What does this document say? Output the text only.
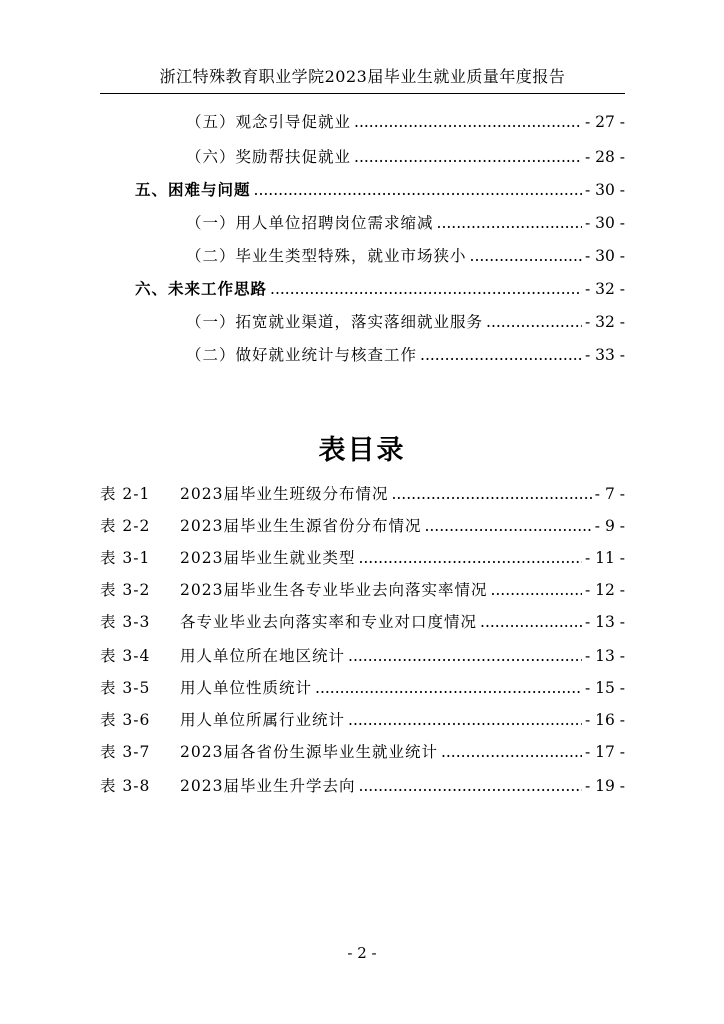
浙江特殊教育职业学院2023届毕业生就业质量年度报告
（五）观念引导促就业 .....	- 27 -
（六）奖励帮扶促就业 .....	- 28 -
五、困难与问题 .....	- 30 -
（一）用人单位招聘岗位需求缩减 .....	- 30 -
（二）毕业生类型特殊，就业市场狭小 .....	- 30 -
六、未来工作思路 .....	- 32 -
（一）拓宽就业渠道，落实落细就业服务 .....	- 32 -
（二）做好就业统计与核查工作 .....	- 33 -
表目录
表 2-1 2023届毕业生班级分布情况 .....	- 7 -
表 2-2 2023届毕业生生源省份分布情况 .....	- 9 -
表 3-1 2023届毕业生就业类型 .....	- 11 -
表 3-2 2023届毕业生各专业毕业去向落实率情况 .....	- 12 -
表 3-3 各专业毕业去向落实率和专业对口度情况 .....	- 13 -
表 3-4 用人单位所在地区统计 .....	- 13 -
表 3-5 用人单位性质统计 .....	- 15 -
表 3-6 用人单位所属行业统计 .....	- 16 -
表 3-7 2023届各省份生源毕业生就业统计 .....	- 17 -
表 3-8 2023届毕业生升学去向 .....	- 19 -
- 2 -
